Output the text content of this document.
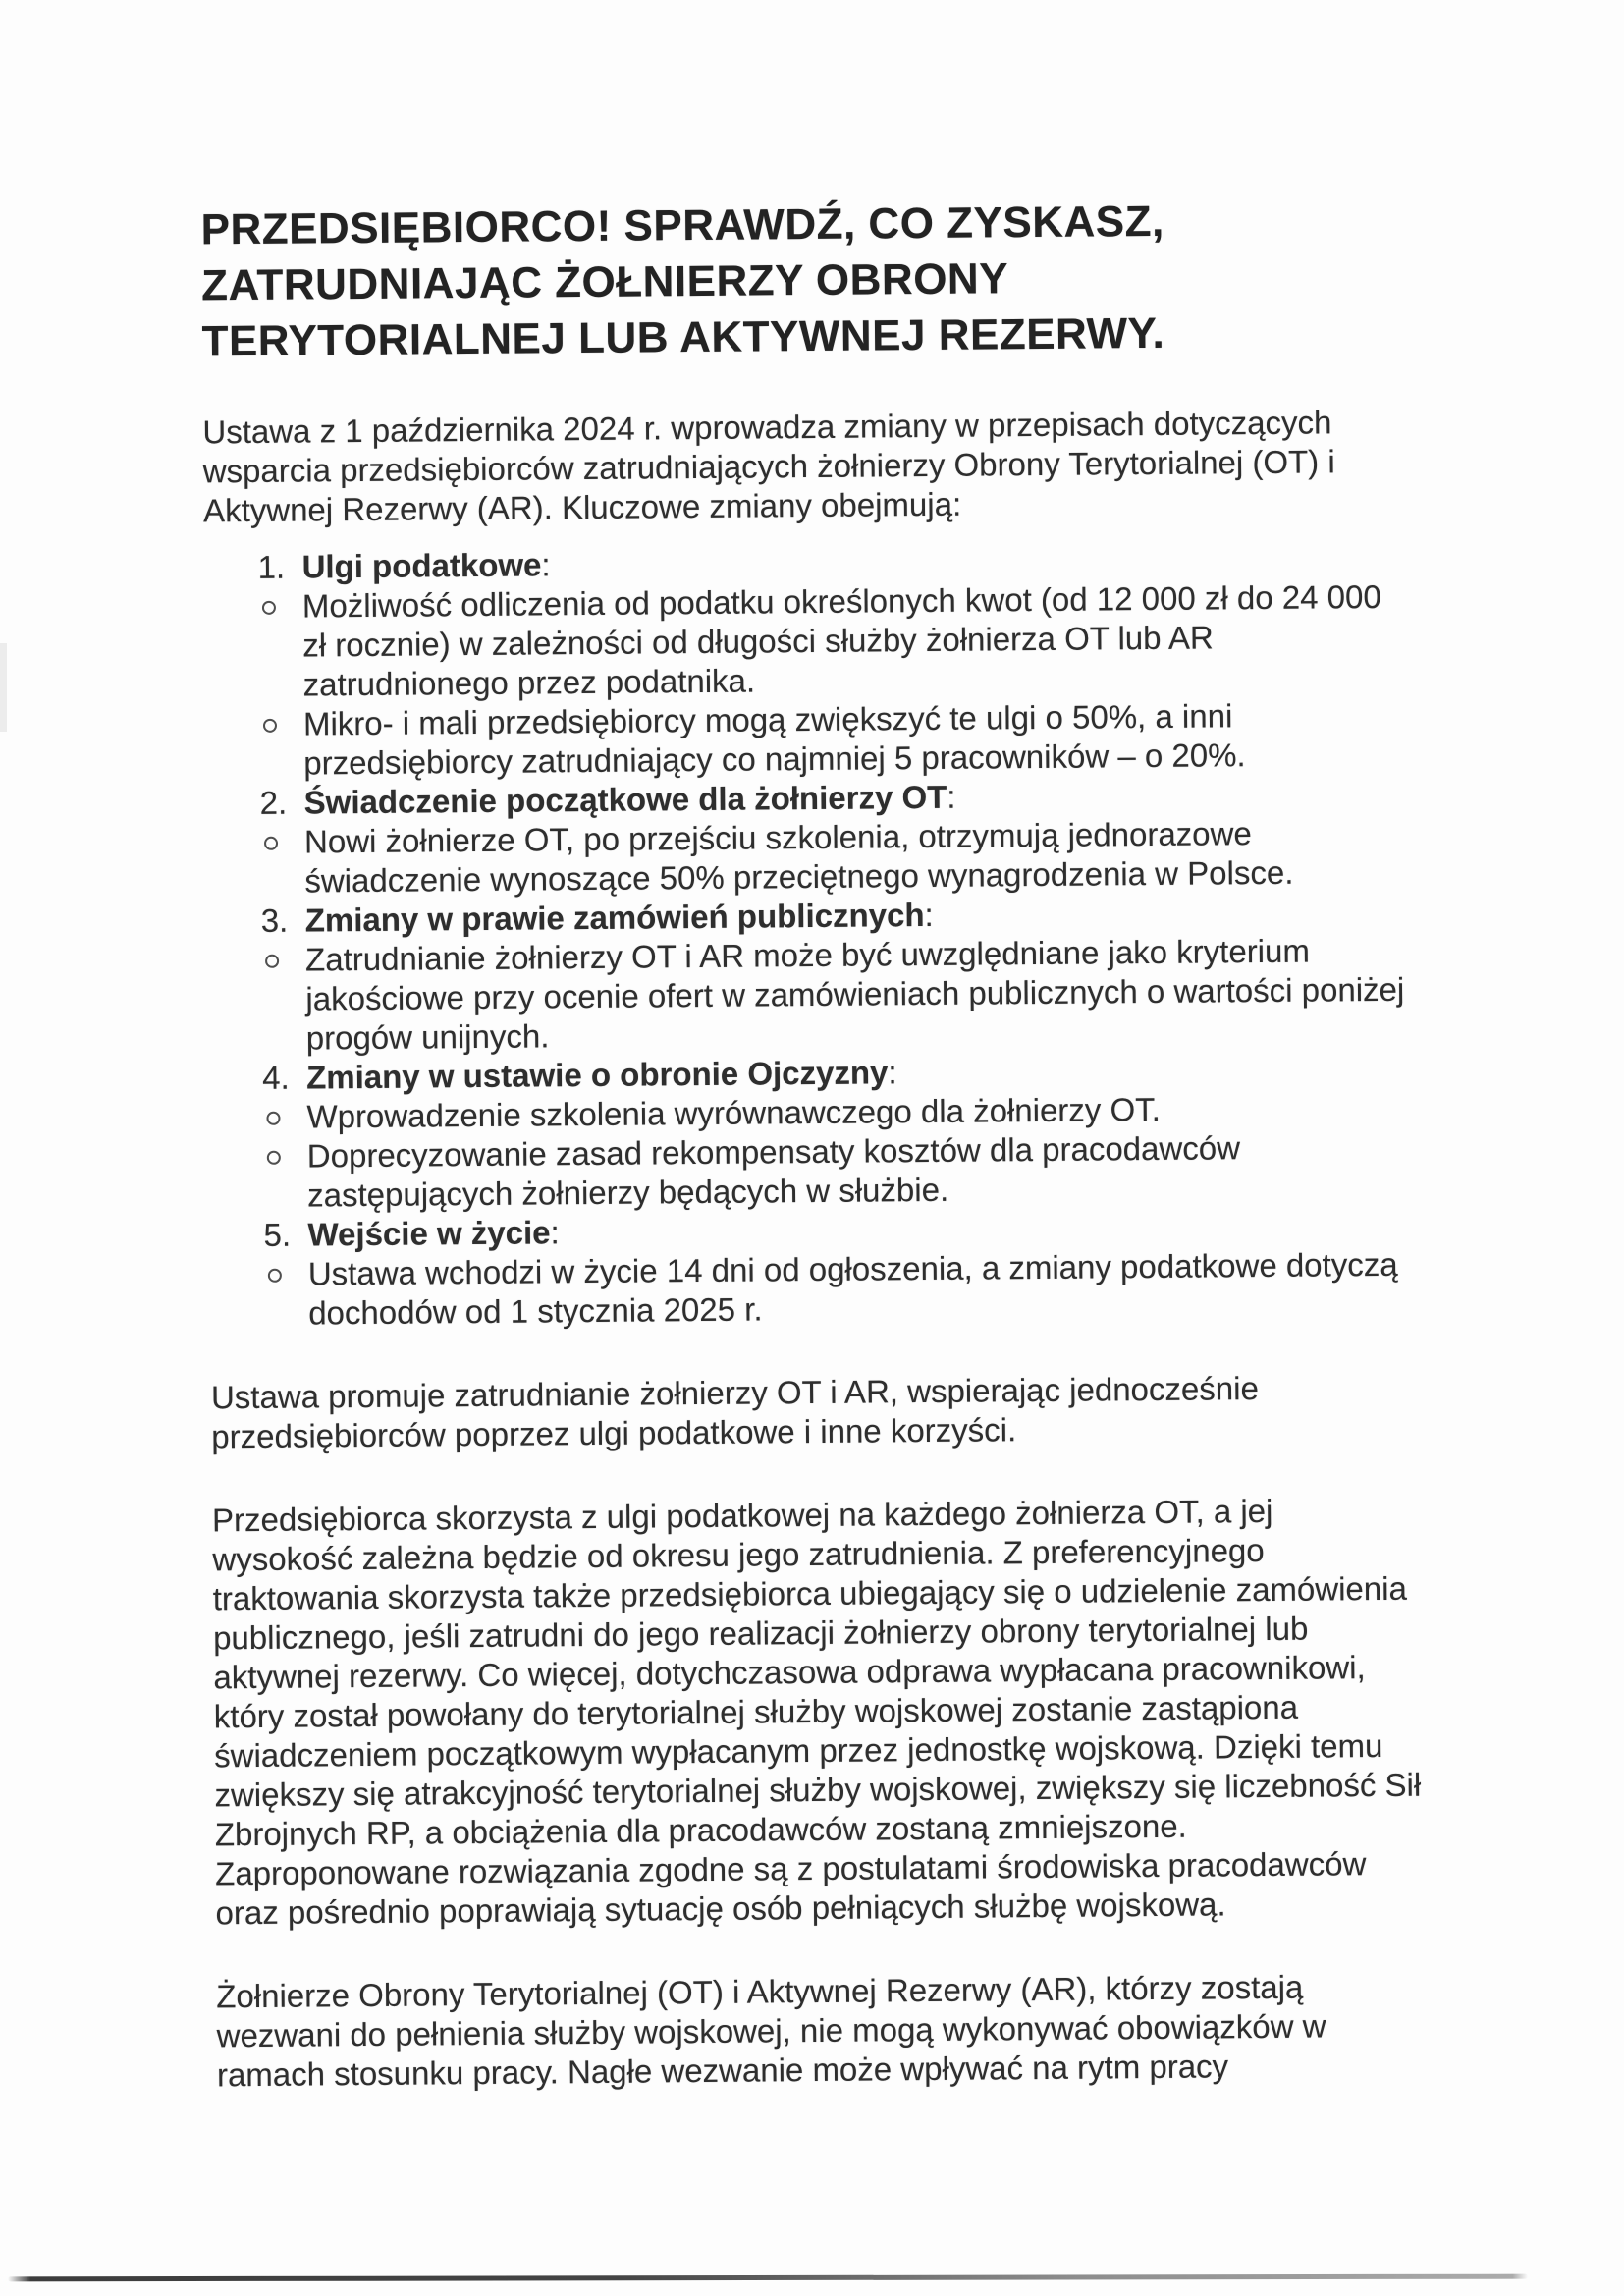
PRZEDSIĘBIORCO! SPRAWDŹ, CO ZYSKASZ,
ZATRUDNIAJĄC ŻOŁNIERZY OBRONY
TERYTORIALNEJ LUB AKTYWNEJ REZERWY.

Ustawa z 1 października 2024 r. wprowadza zmiany w przepisach dotyczących wsparcia przedsiębiorców zatrudniających żołnierzy Obrony Terytorialnej (OT) i Aktywnej Rezerwy (AR). Kluczowe zmiany obejmują:

1. Ulgi podatkowe:
Możliwość odliczenia od podatku określonych kwot (od 12 000 zł do 24 000 zł rocznie) w zależności od długości służby żołnierza OT lub AR zatrudnionego przez podatnika.
Mikro- i mali przedsiębiorcy mogą zwiększyć te ulgi o 50%, a inni przedsiębiorcy zatrudniający co najmniej 5 pracowników – o 20%.
2. Świadczenie początkowe dla żołnierzy OT:
Nowi żołnierze OT, po przejściu szkolenia, otrzymują jednorazowe świadczenie wynoszące 50% przeciętnego wynagrodzenia w Polsce.
3. Zmiany w prawie zamówień publicznych:
Zatrudnianie żołnierzy OT i AR może być uwzględniane jako kryterium jakościowe przy ocenie ofert w zamówieniach publicznych o wartości poniżej progów unijnych.
4. Zmiany w ustawie o obronie Ojczyzny:
Wprowadzenie szkolenia wyrównawczego dla żołnierzy OT.
Doprecyzowanie zasad rekompensaty kosztów dla pracodawców zastępujących żołnierzy będących w służbie.
5. Wejście w życie:
Ustawa wchodzi w życie 14 dni od ogłoszenia, a zmiany podatkowe dotyczą dochodów od 1 stycznia 2025 r.

Ustawa promuje zatrudnianie żołnierzy OT i AR, wspierając jednocześnie przedsiębiorców poprzez ulgi podatkowe i inne korzyści.

Przedsiębiorca skorzysta z ulgi podatkowej na każdego żołnierza OT, a jej wysokość zależna będzie od okresu jego zatrudnienia. Z preferencyjnego traktowania skorzysta także przedsiębiorca ubiegający się o udzielenie zamówienia publicznego, jeśli zatrudni do jego realizacji żołnierzy obrony terytorialnej lub aktywnej rezerwy. Co więcej, dotychczasowa odprawa wypłacana pracownikowi, który został powołany do terytorialnej służby wojskowej zostanie zastąpiona świadczeniem początkowym wypłacanym przez jednostkę wojskową. Dzięki temu zwiększy się atrakcyjność terytorialnej służby wojskowej, zwiększy się liczebność Sił Zbrojnych RP, a obciążenia dla pracodawców zostaną zmniejszone. Zaproponowane rozwiązania zgodne są z postulatami środowiska pracodawców oraz pośrednio poprawiają sytuację osób pełniących służbę wojskową.

Żołnierze Obrony Terytorialnej (OT) i Aktywnej Rezerwy (AR), którzy zostają wezwani do pełnienia służby wojskowej, nie mogą wykonywać obowiązków w ramach stosunku pracy. Nagłe wezwanie może wpływać na rytm pracy
